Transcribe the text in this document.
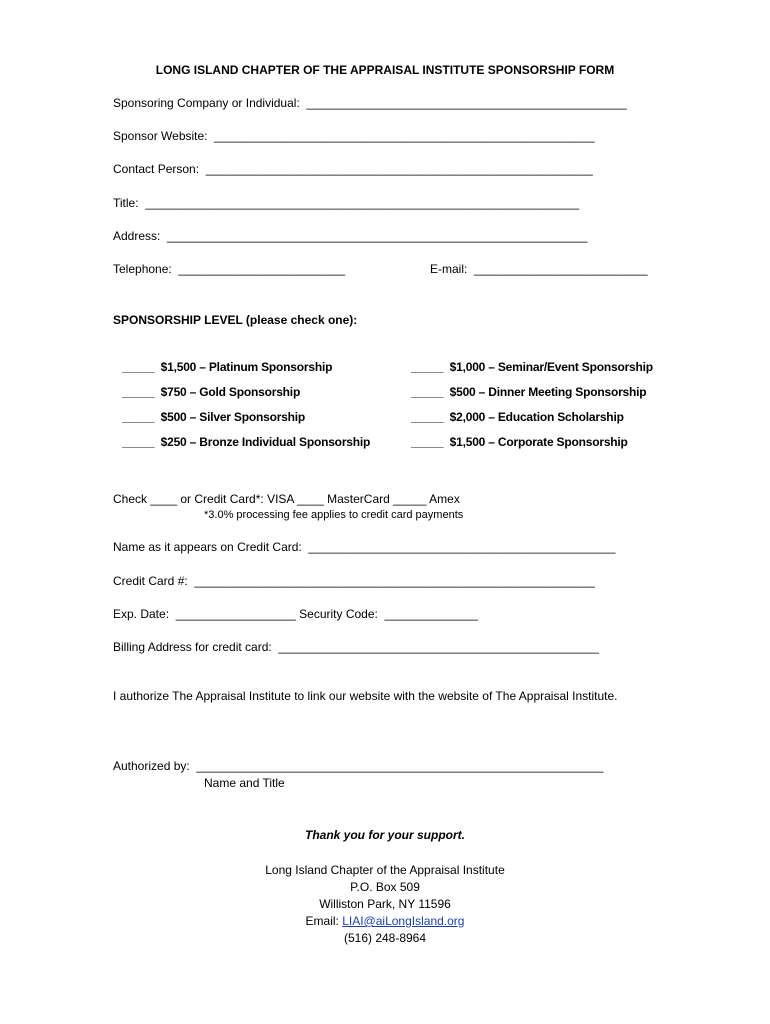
LONG ISLAND CHAPTER OF THE APPRAISAL INSTITUTE SPONSORSHIP FORM
Sponsoring Company or Individual:  ________________________________________________
Sponsor Website:  _________________________________________________________
Contact Person:  __________________________________________________________
Title:  _________________________________________________________________
Address:  _______________________________________________________________
Telephone:  _________________________	E-mail:  __________________________
SPONSORSHIP LEVEL (please check one):
_____  $1,500 – Platinum Sponsorship
_____  $750 – Gold Sponsorship
_____  $500 – Silver Sponsorship
_____  $250 – Bronze Individual Sponsorship
_____  $1,000 – Seminar/Event Sponsorship
_____  $500 – Dinner Meeting Sponsorship
_____  $2,000 – Education Scholarship
_____  $1,500 – Corporate Sponsorship
Check ____ or Credit Card*: VISA ____ MasterCard _____ Amex
*3.0% processing fee applies to credit card payments
Name as it appears on Credit Card:  ______________________________________________
Credit Card #:  ____________________________________________________________
Exp. Date:  __________________ Security Code:  ______________
Billing Address for credit card:  ________________________________________________
I authorize The Appraisal Institute to link our website with the website of The Appraisal Institute.
Authorized by:  _____________________________________________________________
Name and Title
Thank you for your support.
Long Island Chapter of the Appraisal Institute
P.O. Box 509
Williston Park, NY 11596
Email: LIAI@aiLongIsland.org
(516) 248-8964
